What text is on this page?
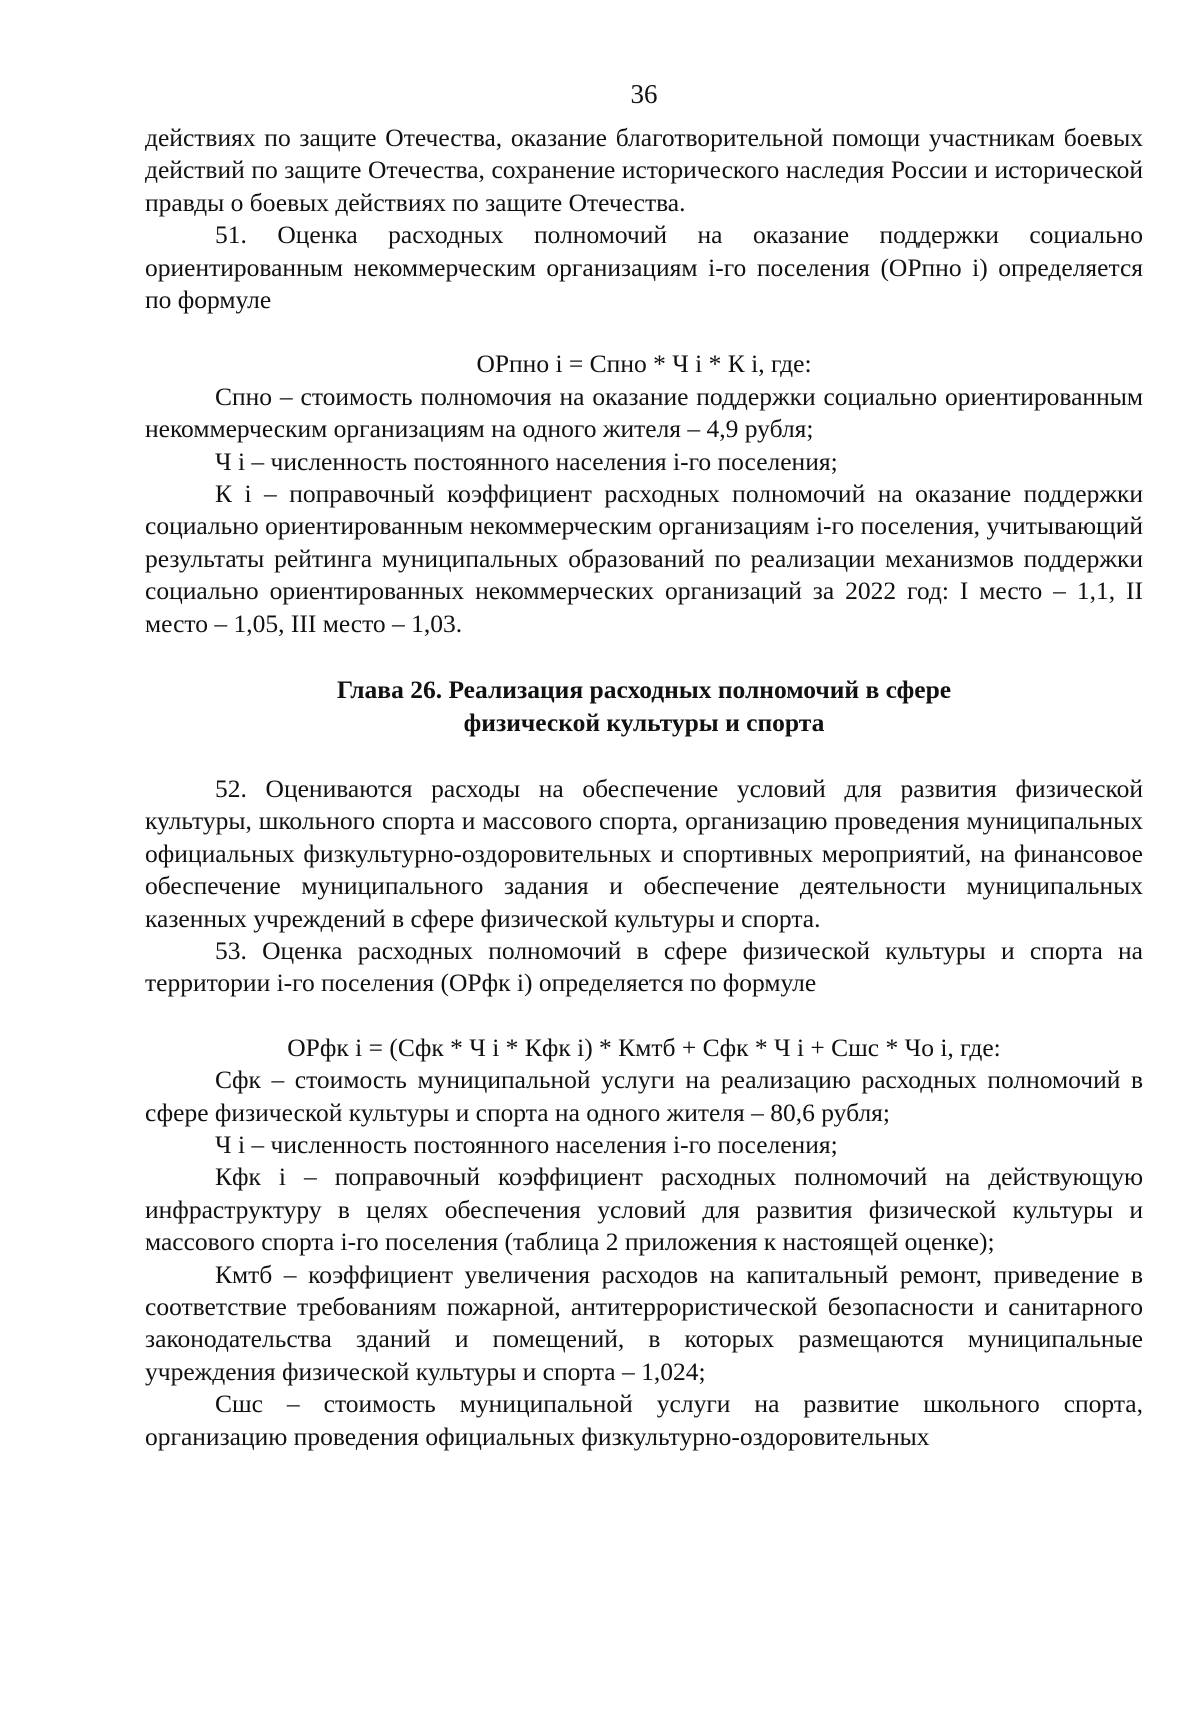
36

действиях по защите Отечества, оказание благотворительной помощи участникам боевых действий по защите Отечества, сохранение исторического наследия России и исторической правды о боевых действиях по защите Отечества.

51. Оценка расходных полномочий на оказание поддержки социально ориентированным некоммерческим организациям i-го поселения (ОРпно i) определяется по формуле

ОРпно i = Спно * Ч i * К i, где:

Спно – стоимость полномочия на оказание поддержки социально ориентированным некоммерческим организациям на одного жителя – 4,9 рубля;

Ч i – численность постоянного населения i-го поселения;

К i – поправочный коэффициент расходных полномочий на оказание поддержки социально ориентированным некоммерческим организациям i-го поселения, учитывающий результаты рейтинга муниципальных образований по реализации механизмов поддержки социально ориентированных некоммерческих организаций за 2022 год: I место – 1,1, II место – 1,05, III место – 1,03.

Глава 26. Реализация расходных полномочий в сфере
физической культуры и спорта

52. Оцениваются расходы на обеспечение условий для развития физической культуры, школьного спорта и массового спорта, организацию проведения муниципальных официальных физкультурно-оздоровительных и спортивных мероприятий, на финансовое обеспечение муниципального задания и обеспечение деятельности муниципальных казенных учреждений в сфере физической культуры и спорта.

53. Оценка расходных полномочий в сфере физической культуры и спорта на территории i-го поселения (ОРфк i) определяется по формуле

ОРфк i = (Сфк * Ч i * Кфк i) * Кмтб + Сфк * Ч i + Сшс * Чо i, где:

Сфк – стоимость муниципальной услуги на реализацию расходных полномочий в сфере физической культуры и спорта на одного жителя – 80,6 рубля;

Ч i – численность постоянного населения i-го поселения;

Кфк i – поправочный коэффициент расходных полномочий на действующую инфраструктуру в целях обеспечения условий для развития физической культуры и массового спорта i-го поселения (таблица 2 приложения к настоящей оценке);

Кмтб – коэффициент увеличения расходов на капитальный ремонт, приведение в соответствие требованиям пожарной, антитеррористической безопасности и санитарного законодательства зданий и помещений, в которых размещаются муниципальные учреждения физической культуры и спорта – 1,024;

Сшс – стоимость муниципальной услуги на развитие школьного спорта, организацию проведения официальных физкультурно-оздоровительных
